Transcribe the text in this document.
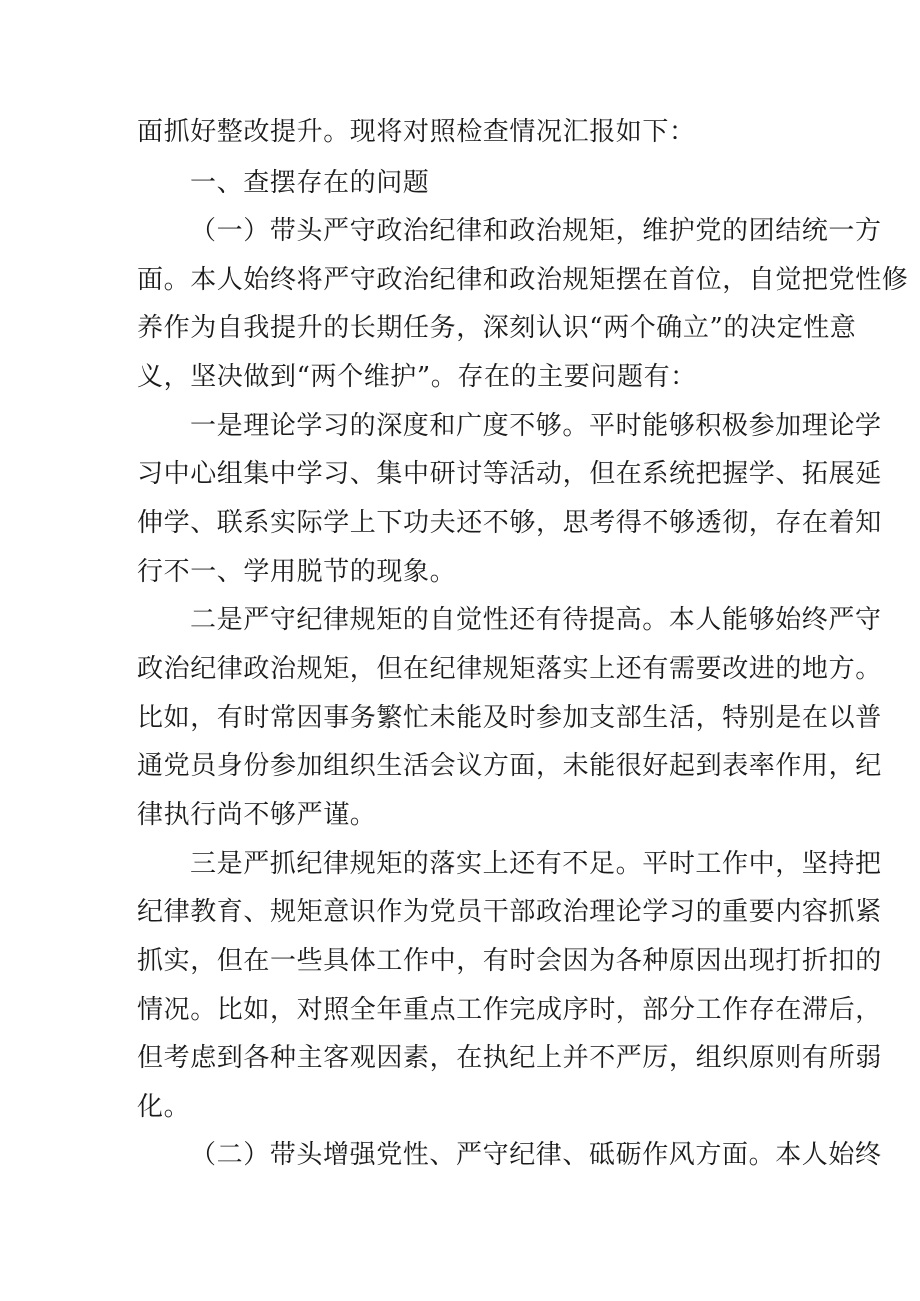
面抓好整改提升。现将对照检查情况汇报如下：
一、查摆存在的问题
（一）带头严守政治纪律和政治规矩，维护党的团结统一方
面。本人始终将严守政治纪律和政治规矩摆在首位，自觉把党性修
养作为自我提升的长期任务，深刻认识“两个确立”的决定性意
义，坚决做到“两个维护”。存在的主要问题有：
一是理论学习的深度和广度不够。平时能够积极参加理论学
习中心组集中学习、集中研讨等活动，但在系统把握学、拓展延
伸学、联系实际学上下功夫还不够，思考得不够透彻，存在着知
行不一、学用脱节的现象。
二是严守纪律规矩的自觉性还有待提高。本人能够始终严守
政治纪律政治规矩，但在纪律规矩落实上还有需要改进的地方。
比如，有时常因事务繁忙未能及时参加支部生活，特别是在以普
通党员身份参加组织生活会议方面，未能很好起到表率作用，纪
律执行尚不够严谨。
三是严抓纪律规矩的落实上还有不足。平时工作中，坚持把
纪律教育、规矩意识作为党员干部政治理论学习的重要内容抓紧
抓实，但在一些具体工作中，有时会因为各种原因出现打折扣的
情况。比如，对照全年重点工作完成序时，部分工作存在滞后，
但考虑到各种主客观因素，在执纪上并不严厉，组织原则有所弱
化。
（二）带头增强党性、严守纪律、砥砺作风方面。本人始终
